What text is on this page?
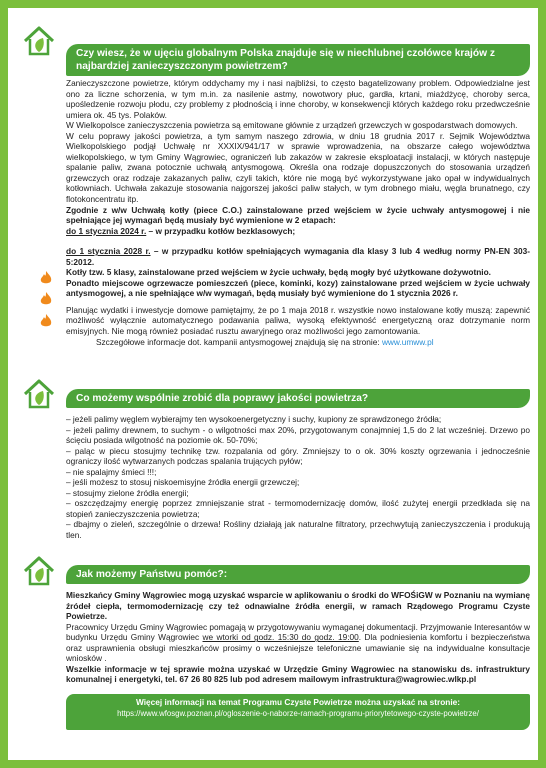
Czy wiesz, że w ujęciu globalnym Polska znajduje się w niechlubnej czołówce krajów z najbardziej zanieczyszczonym powietrzem?

Zanieczyszczone powietrze, którym oddychamy my i nasi najbliżsi, to często bagatelizowany problem. Odpowiedzialne jest ono za liczne schorzenia, w tym m.in. za nasilenie astmy, nowotwory płuc, gardła, krtani, miażdżycę, choroby serca, upośledzenie rozwoju płodu, czy problemy z płodnością i inne choroby, w konsekwencji których każdego roku przedwcześnie umiera ok. 45 tys. Polaków.

W Wielkopolsce zanieczyszczenia powietrza są emitowane głównie z urządzeń grzewczych w gospodarstwach domowych.

W celu poprawy jakości powietrza, a tym samym naszego zdrowia, w dniu 18 grudnia 2017 r. Sejmik Województwa Wielkopolskiego podjął Uchwałę nr XXXIX/941/17 w sprawie wprowadzenia, na obszarze całego województwa wielkopolskiego, w tym Gminy Wągrowiec, ograniczeń lub zakazów w zakresie eksploatacji instalacji, w których następuje spalanie paliw, zwana potocznie uchwałą antysmogową. Określa ona rodzaje dopuszczonych do stosowania urządzeń grzewczych oraz rodzaje zakazanych paliw, czyli takich, które nie mogą być wykorzystywane jako opał w indywidualnych kotłowniach. Uchwała zakazuje stosowania najgorszej jakości paliw stałych, w tym drobnego miału, węgla brunatnego, czy flotokoncentratu itp.

Zgodnie z w/w Uchwałą kotły (piece C.O.) zainstalowane przed wejściem w życie uchwały antysmogowej i nie spełniające jej wymagań będą musiały być wymienione w 2 etapach:

do 1 stycznia 2024 r. – w przypadku kotłów bezklasowych;

do 1 stycznia 2028 r. – w przypadku kotłów spełniających wymagania dla klasy 3 lub 4 według normy PN-EN 303-5:2012.

Kotły tzw. 5 klasy, zainstalowane przed wejściem w życie uchwały, będą mogły być użytkowane dożywotnio.

Ponadto miejscowe ogrzewacze pomieszczeń (piece, kominki, kozy) zainstalowane przed wejściem w życie uchwały antysmogowej, a nie spełniające w/w wymagań, będą musiały być wymienione do 1 stycznia 2026 r.

Planując wydatki i inwestycje domowe pamiętajmy, że po 1 maja 2018 r. wszystkie nowo instalowane kotły muszą: zapewnić możliwość wyłącznie automatycznego podawania paliwa, wysoką efektywność energetyczną oraz dotrzymanie norm emisyjnych. Nie mogą również posiadać rusztu awaryjnego oraz możliwości jego zamontowania.

Szczegółowe informacje dot. kampanii antysmogowej znajdują się na stronie: www.umww.pl

Co możemy wspólnie zrobić dla poprawy jakości powietrza?

– jeżeli palimy węglem wybierajmy ten wysokoenergetyczny i suchy, kupiony ze sprawdzonego źródła;

– jeżeli palimy drewnem, to suchym - o wilgotności max 20%, przygotowanym conajmniej 1,5 do 2 lat wcześniej. Drzewo po ścięciu posiada wilgotność na poziomie ok. 50-70%;

– paląc w piecu stosujmy technikę tzw. rozpalania od góry. Zmniejszy to o ok. 30% koszty ogrzewania i jednocześnie ograniczy ilość wytwarzanych podczas spalania trujących pyłów;

– nie spalajmy śmieci !!!;

– jeśli możesz to stosuj niskoemisyjne źródła energii grzewczej;

– stosujmy zielone źródła energii;

– oszczędzajmy energię poprzez zmniejszanie strat - termomodernizację domów, ilość zużytej energii przedkłada się na stopień zanieczyszczenia powietrza;

– dbajmy o zieleń, szczególnie o drzewa! Rośliny działają jak naturalne filtratory, przechwytują zanieczyszczenia i produkują tlen.

Jak możemy Państwu pomóc?:

Mieszkańcy Gminy Wągrowiec mogą uzyskać wsparcie w aplikowaniu o środki do WFOŚiGW w Poznaniu na wymianę źródeł ciepła, termomodernizację czy też odnawialne źródła energii, w ramach Rządowego Programu Czyste Powietrze.

Pracownicy Urzędu Gminy Wągrowiec pomagają w przygotowywaniu wymaganej dokumentacji. Przyjmowanie Interesantów w budynku Urzędu Gminy Wągrowiec we wtorki od godz. 15:30 do godz. 19:00. Dla podniesienia komfortu i bezpieczeństwa oraz usprawnienia obsługi mieszkańców prosimy o wcześniejsze telefoniczne umawianie się na indywidualne konsultacje wniosków .

Wszelkie informacje w tej sprawie można uzyskać w Urzędzie Gminy Wągrowiec na stanowisku ds. infrastruktury komunalnej i energetyki, tel. 67 26 80 825 lub pod adresem mailowym infrastruktura@wagrowiec.wlkp.pl

Więcej informacji na temat Programu Czyste Powietrze można uzyskać na stronie:
https://www.wfosgw.poznan.pl/ogloszenie-o-naborze-ramach-programu-priorytetowego-czyste-powietrze/
